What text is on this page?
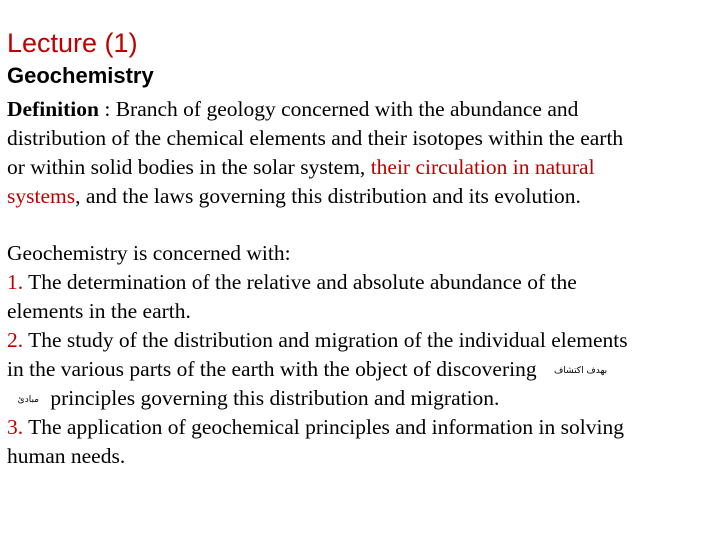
Lecture (1)
Geochemistry
Definition : Branch of geology concerned with the abundance and
distribution of the chemical elements and their isotopes within the earth
or within solid bodies in the solar system, their circulation in natural
systems, and the laws governing this distribution and its evolution.
Geochemistry is concerned with:
1. The determination of the relative and absolute abundance of the
elements in the earth.
2. The study of the distribution and migration of the individual elements
in the various parts of the earth with the object of discovering بهدف اكتشاف
مبادئ principles governing this distribution and migration.
3. The application of geochemical principles and information in solving
human needs.
